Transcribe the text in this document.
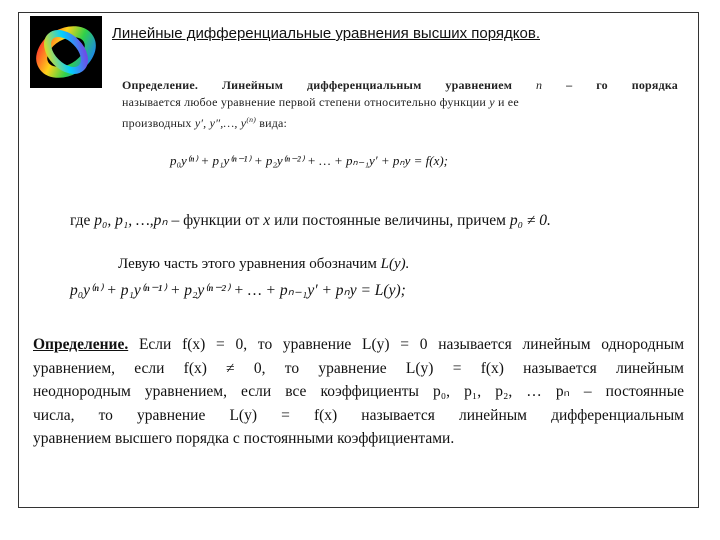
Линейные дифференциальные уравнения высших порядков.
Определение. Линейным дифференциальным уравнением n – го порядка
называется любое уравнение первой степени относительно функции y и ее
производных y′, y″,…, $y^{(n)}$ вида:
p₀y⁽ⁿ⁾ + p₁y⁽ⁿ⁻¹⁾ + p₂y⁽ⁿ⁻²⁾ + … + pₙ₋₁y′ + pₙy = f(x);
где p₀, p₁, …,pₙ – функции от x или постоянные величины, причем p₀ ≠ 0.
Левую часть этого уравнения обозначим L(y).
p₀y⁽ⁿ⁾ + p₁y⁽ⁿ⁻¹⁾ + p₂y⁽ⁿ⁻²⁾ + … + pₙ₋₁y′ + pₙy = L(y);
Определение. Если f(x) = 0, то уравнение L(y) = 0 называется линейным однородным
уравнением, если f(x) ≠ 0, то уравнение L(y) = f(x) называется линейным
неоднородным уравнением, если все коэффициенты p₀, p₁, p₂, … pₙ – постоянные
числа, то уравнение L(y) = f(x) называется линейным дифференциальным
уравнением высшего порядка с постоянными коэффициентами.
